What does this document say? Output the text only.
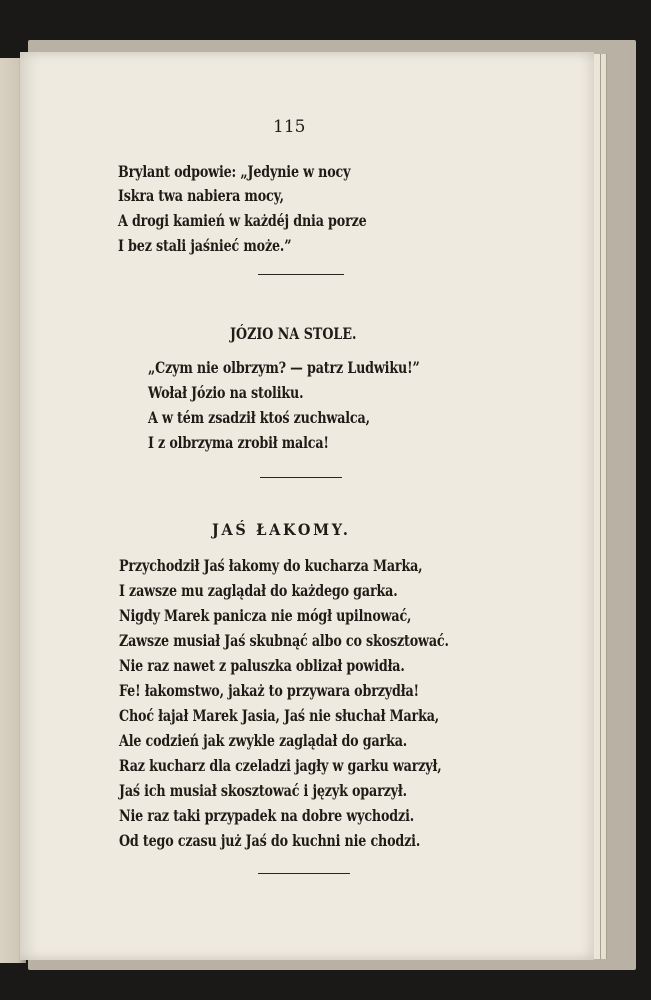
115
Brylant odpowie: „Jedynie w nocy
Iskra twa nabiera mocy,
A drogi kamień w każdéj dnia porze
I bez stali jaśnieć może.”
JÓZIO NA STOLE.
„Czym nie olbrzym? — patrz Ludwiku!”
Wołał Józio na stoliku.
A w tém zsadził ktoś zuchwalca,
I z olbrzyma zrobił malca!
JAŚ ŁAKOMY.
Przychodził Jaś łakomy do kucharza Marka,
I zawsze mu zaglądał do każdego garka.
Nigdy Marek panicza nie mógł upilnować,
Zawsze musiał Jaś skubnąć albo co skosztować.
Nie raz nawet z paluszka oblizał powidła.
Fe! łakomstwo, jakaż to przywara obrzydła!
Choć łajał Marek Jasia, Jaś nie słuchał Marka,
Ale codzień jak zwykle zaglądał do garka.
Raz kucharz dla czeladzi jagły w garku warzył,
Jaś ich musiał skosztować i język oparzył.
Nie raz taki przypadek na dobre wychodzi.
Od tego czasu już Jaś do kuchni nie chodzi.
